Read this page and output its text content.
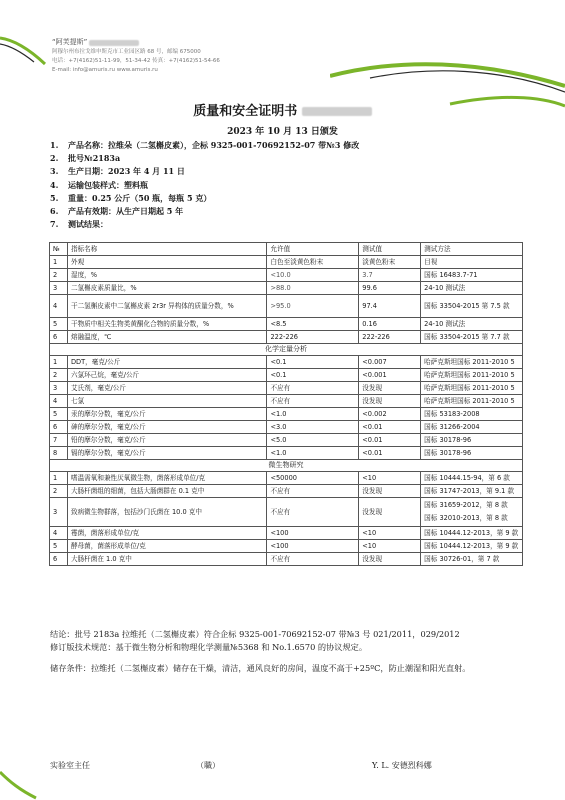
“阿芙提斯”
阿穆尔州布拉戈维申斯克市工业园区路 68 号，邮编 675000
电话：+7(4162)51-11-99，51-34-42 传真：+7(4162)51-54-66
E-mail: info@amuris.ru www.amuris.ru
质量和安全证明书
2023 年 10 月 13 日颁发
1. 产品名称：拉维朵（二氢槲皮素），企标 9325-001-70692152-07 带№3 修改
2. 批号№2183а
3. 生产日期：2023 年 4 月 11 日
4. 运输包装样式：塑料瓶
5. 重量：0.25 公斤（50 瓶，每瓶 5 克）
6. 产品有效期：从生产日期起 5 年
7. 测试结果：
№	指标名称	允许值	测试值	测试方法
1	外观	白色至淡黄色粉末	淡黄色粉末	目视
2	湿度，%	<10.0	3.7	国标 16483.7-71
3	二氢槲皮素质量比，%	>88.0	99.6	24-10 测试法
4	干二氢槲皮素中二氢槲皮素 2r3r 异构体的质量分数，%	>95.0	97.4	国标 33504-2015 第 7.5 款
5	干物质中相关生物类黄酮化合物的质量分数，%	<8.5	0.16	24-10 测试法
6	熔融温度，℃	222-226	222-226	国标 33504-2015 第 7.7 款
化学定量分析				
1	DDT，毫克/公斤	<0.1	<0.007	哈萨克斯坦国标 2011-2010 5
2	六氯环己烷，毫克/公斤	<0.1	<0.001	哈萨克斯坦国标 2011-2010 5
3	艾氏剂，毫克/公斤	不应有	没发现	哈萨克斯坦国标 2011-2010 5
4	七氯	不应有	没发现	哈萨克斯坦国标 2011-2010 5
5	汞的摩尔分数，毫克/公斤	<1.0	<0.002	国标 53183-2008
6	砷的摩尔分数，毫克/公斤	<3.0	<0.01	国标 31266-2004
7	铅的摩尔分数，毫克/公斤	<5.0	<0.01	国标 30178-96
8	镉的摩尔分数，毫克/公斤	<1.0	<0.01	国标 30178-96
微生物研究				
1	嗜温需氧和兼性厌氧微生物，菌落形成单位/克	<50000	<10	国标 10444.15-94，第 6 款
2	大肠杆菌组的细菌，包括大肠菌群在 0.1 克中	不应有	没发现	国标 31747-2013，第 9.1 款
3	致病微生物群落，包括沙门氏菌在 10.0 克中	不应有	没发现	国标 31659-2012，第 8 款
国标 32010-2013，第 8 款

4	霉菌，菌落形成单位/克	<100	<10	国标 10444.12-2013，第 9 款
5	酵母菌，菌落形成单位/克	<100	<10	国标 10444.12-2013，第 9 款
6	大肠杆菌在 1.0 克中	不应有	没发现	国标 30726-01，第 7 款
结论：批号 2183a 拉维托（二氢槲皮素）符合企标 9325-001-70692152-07 带№3 号 021/2011，029/2012
修订版技术规范：基于微生物分析和物理化学测量№5368 和 No.1.6570 的协议规定。
储存条件：拉维托（二氢槲皮素）储存在干燥，清洁，通风良好的房间，温度不高于+25ºC，防止潮湿和阳光直射。
实验室主任	（職）	Y. L. 安德烈科娜
